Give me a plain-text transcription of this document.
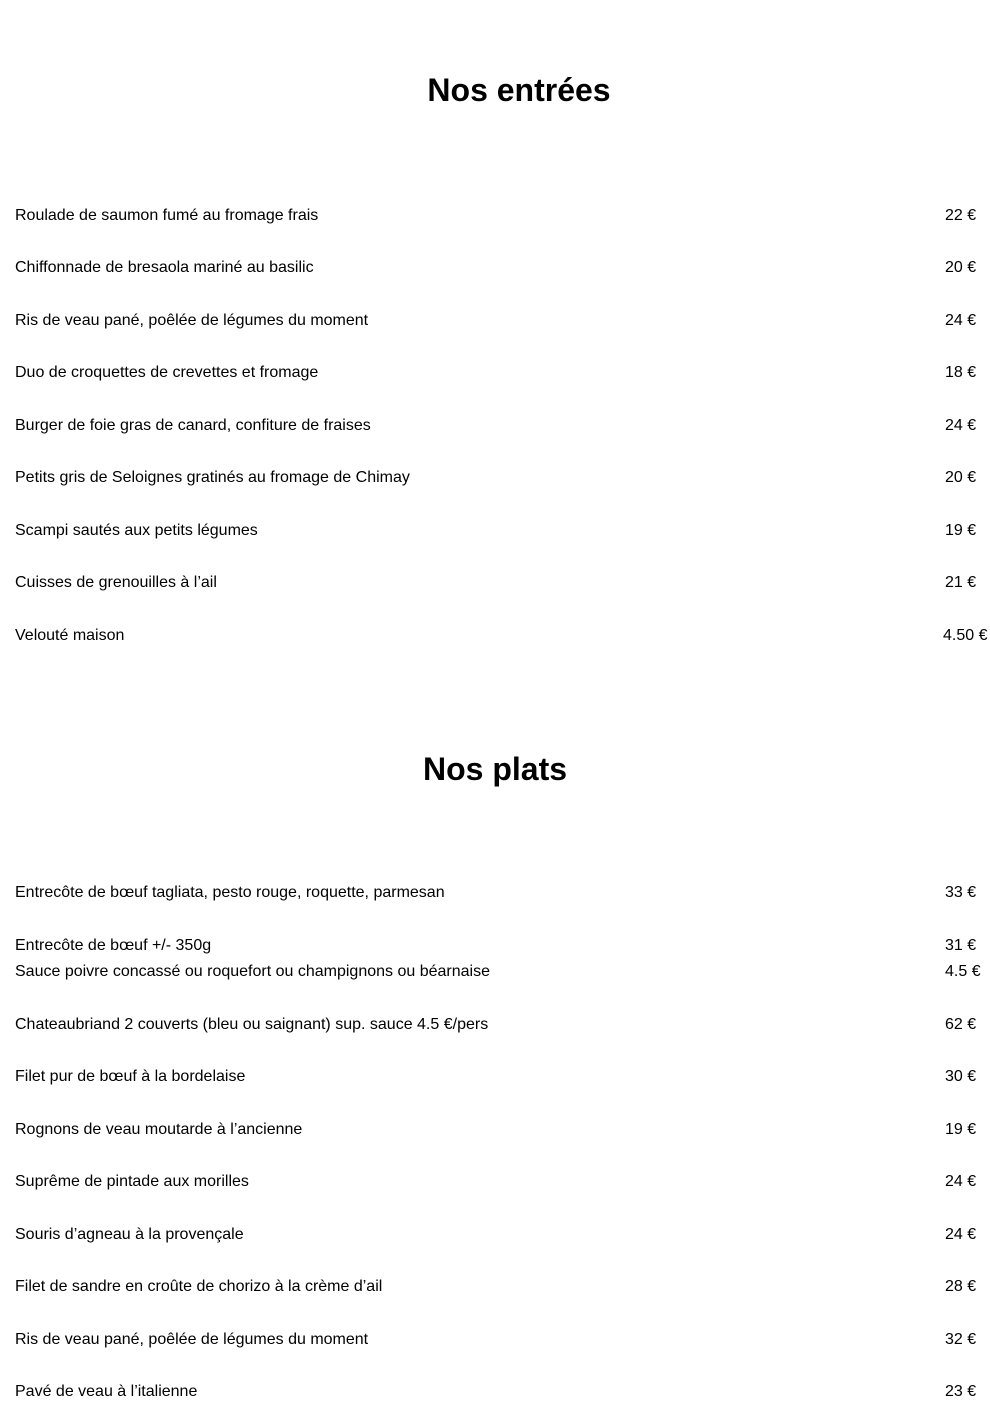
Nos entrées
Roulade de saumon fumé au fromage frais	22 €
Chiffonnade de bresaola mariné au basilic	20 €
Ris de veau pané, poêlée de légumes du moment	24 €
Duo de croquettes de crevettes et fromage	18 €
Burger de foie gras de canard, confiture de fraises	24 €
Petits gris de Seloignes gratinés au fromage de Chimay	20 €
Scampi sautés aux petits légumes	19 €
Cuisses de grenouilles à l’ail	21 €
Velouté maison	4.50 €
Nos plats
Entrecôte de bœuf tagliata, pesto rouge, roquette, parmesan	33 €
Entrecôte de bœuf +/- 350g	31 €
Sauce poivre concassé ou roquefort ou champignons ou béarnaise	4.5 €
Chateaubriand 2 couverts (bleu ou saignant) sup. sauce 4.5 €/pers	62 €
Filet pur de bœuf à la bordelaise	30 €
Rognons de veau moutarde à l’ancienne	19 €
Suprême de pintade aux morilles	24 €
Souris d’agneau à la provençale	24 €
Filet de sandre en croûte de chorizo à la crème d’ail	28 €
Ris de veau pané, poêlée de légumes du moment	32 €
Pavé de veau à l’italienne	23 €
